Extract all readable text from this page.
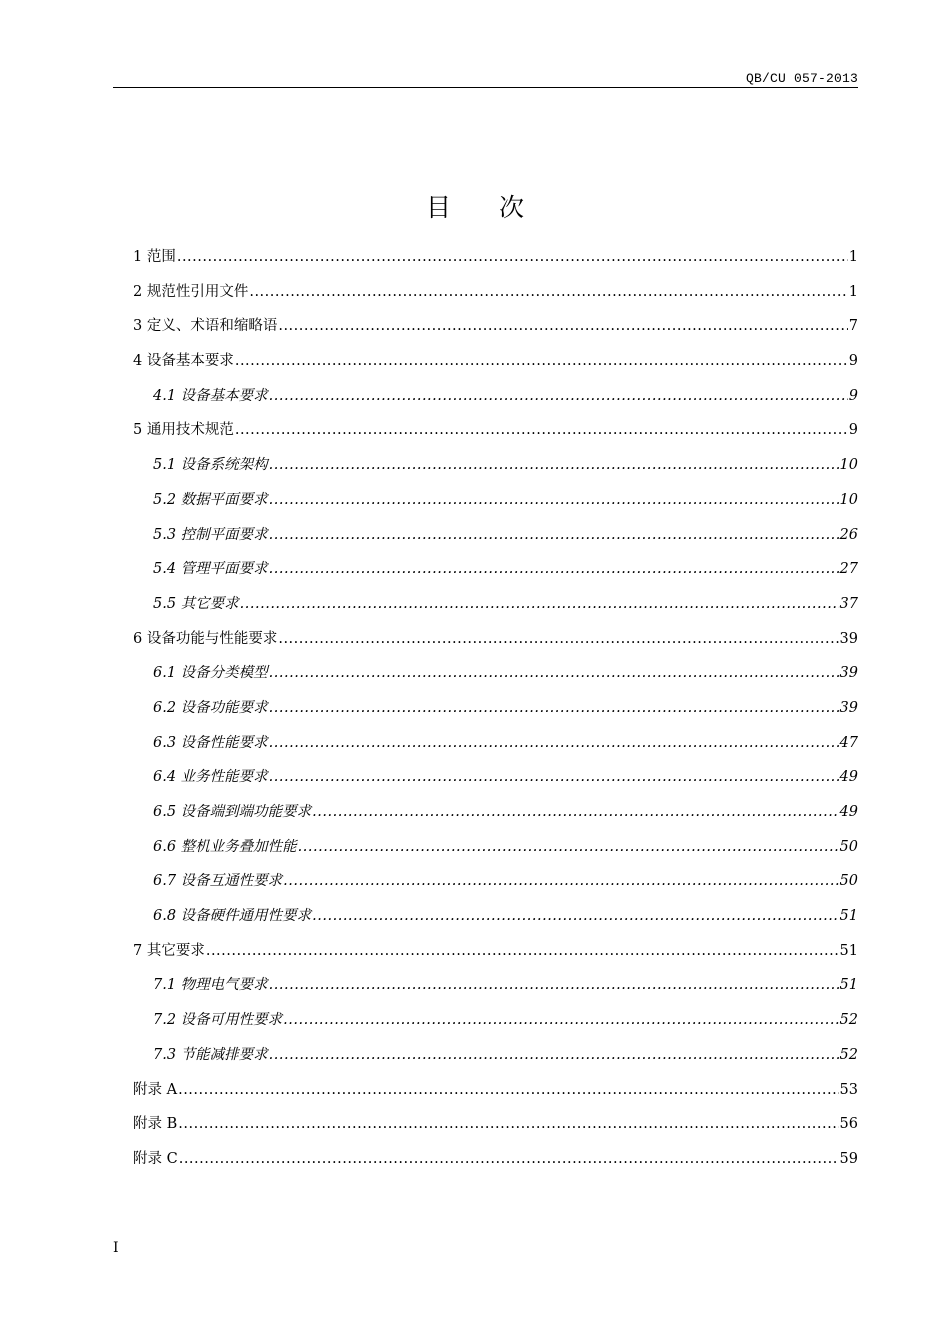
QB/CU 057-2013
目 次
1 范围 .....	1
2 规范性引用文件 .....	1
3 定义、术语和缩略语 .....	7
4 设备基本要求 .....	9
4.1 设备基本要求 .....	9
5 通用技术规范 .....	9
5.1 设备系统架构 .....	10
5.2 数据平面要求 .....	10
5.3 控制平面要求 .....	26
5.4 管理平面要求 .....	27
5.5 其它要求 .....	37
6 设备功能与性能要求 .....	39
6.1 设备分类模型 .....	39
6.2 设备功能要求 .....	39
6.3 设备性能要求 .....	47
6.4 业务性能要求 .....	49
6.5 设备端到端功能要求 .....	49
6.6 整机业务叠加性能 .....	50
6.7 设备互通性要求 .....	50
6.8 设备硬件通用性要求 .....	51
7 其它要求 .....	51
7.1 物理电气要求 .....	51
7.2 设备可用性要求 .....	52
7.3 节能减排要求 .....	52
附录 A .....	53
附录 B .....	56
附录 C .....	59
I
